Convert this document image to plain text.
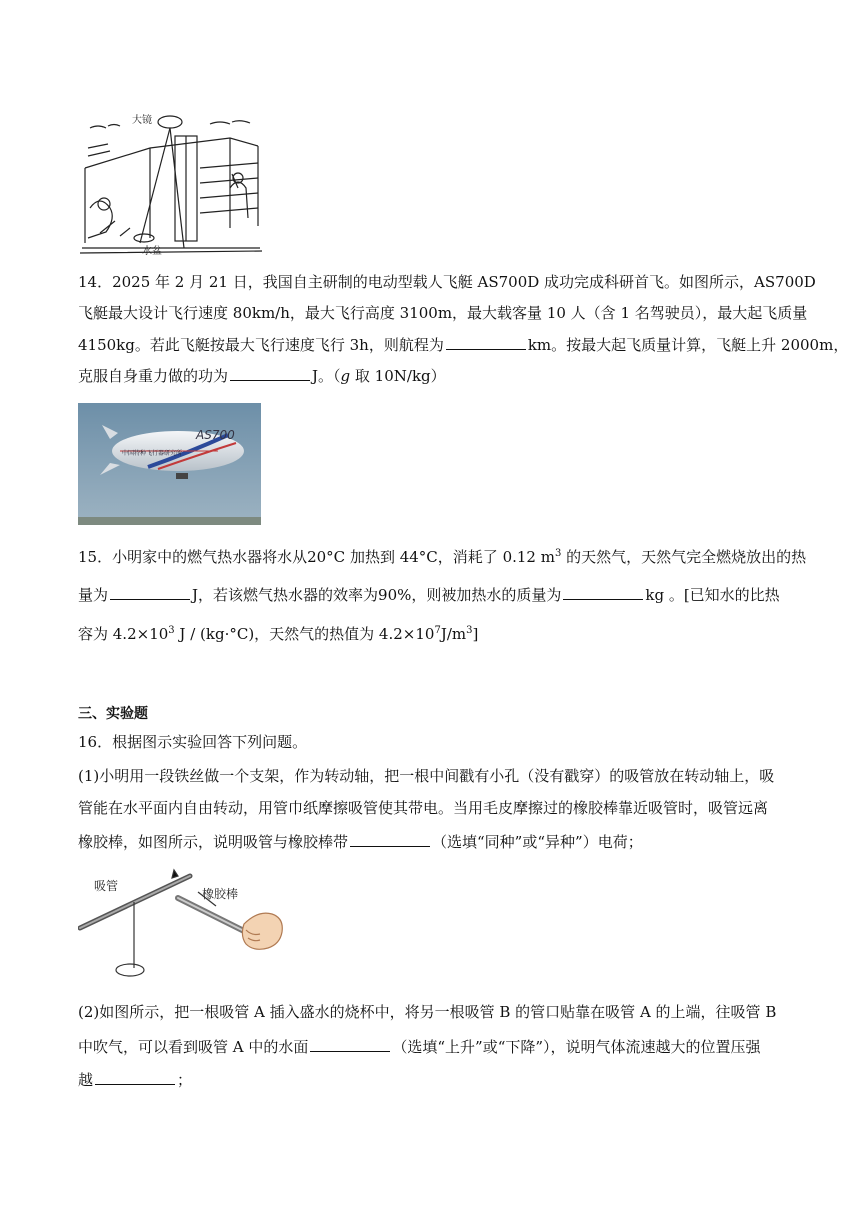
大镜
水盆
14．2025 年 2 月 21 日，我国自主研制的电动型载人飞艇 AS700D 成功完成科研首飞。如图所示，AS700D
飞艇最大设计飞行速度 80km/h，最大飞行高度 3100m，最大载客量 10 人（含 1 名驾驶员），最大起飞质量
4150kg。若此飞艇按最大飞行速度飞行 3h，则航程为	km。按最大起飞质量计算，飞艇上升 2000m，
克服自身重力做的功为	J。（g 取 10N/kg）
AS700
中国特种飞行器研究所
15．小明家中的燃气热水器将水从20°C 加热到 44°C，消耗了 0.12 $m^3$ 的天然气，天然气完全燃烧放出的热
量为	J，若该燃气热水器的效率为90%，则被加热水的质量为	kg 。[已知水的比热
容为 $4.2\times 10^3$ J / (kg·°C)，天然气的热值为 $4.2\times 10^7J/m^3$]
三、实验题
16．根据图示实验回答下列问题。
(1)小明用一段铁丝做一个支架，作为转动轴，把一根中间戳有小孔（没有戳穿）的吸管放在转动轴上，吸
管能在水平面内自由转动，用管巾纸摩擦吸管使其带电。当用毛皮摩擦过的橡胶棒靠近吸管时，吸管远离
橡胶棒，如图所示，说明吸管与橡胶棒带	（选填“同种”或“异种”）电荷；
吸管
橡胶棒
(2)如图所示，把一根吸管 A 插入盛水的烧杯中，将另一根吸管 B 的管口贴靠在吸管 A 的上端，往吸管 B
中吹气，可以看到吸管 A 中的水面	（选填“上升”或“下降”），说明气体流速越大的位置压强
越	；
